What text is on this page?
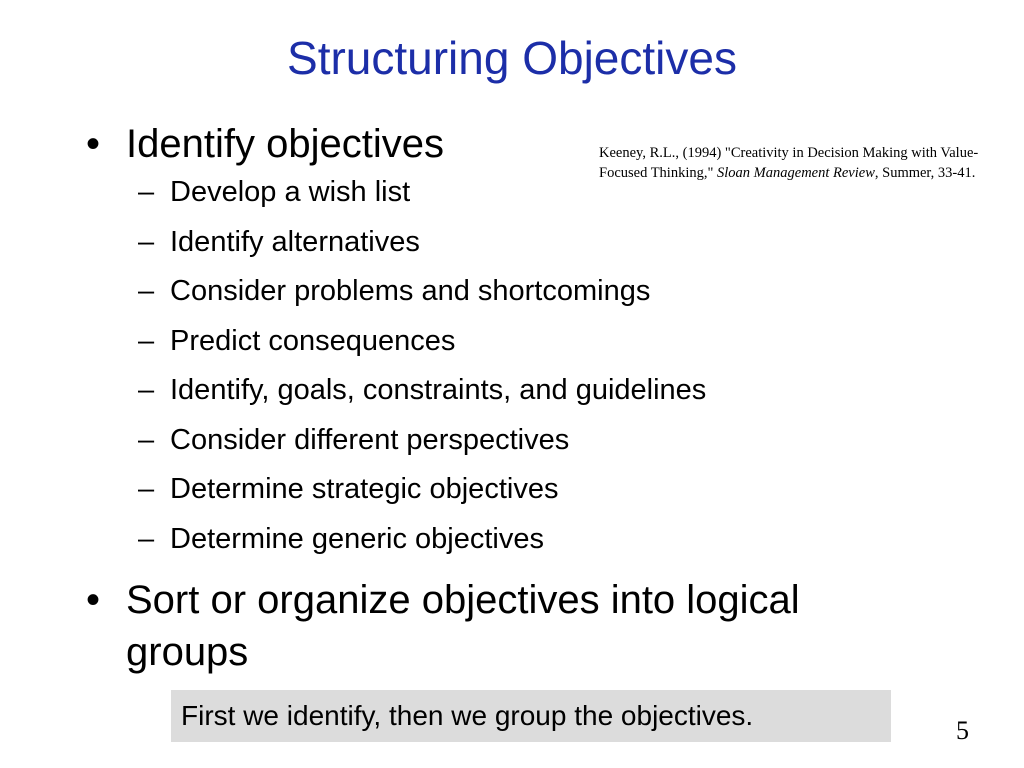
Structuring Objectives
• Identify objectives
– Develop a wish list
– Identify alternatives
– Consider problems and shortcomings
– Predict consequences
– Identify, goals, constraints, and guidelines
– Consider different perspectives
– Determine strategic objectives
– Determine generic objectives
• Sort or organize objectives into logical groups
Keeney, R.L., (1994) "Creativity in Decision Making with Value-Focused Thinking," Sloan Management Review, Summer, 33-41.
First we identify, then we group the objectives.	5
